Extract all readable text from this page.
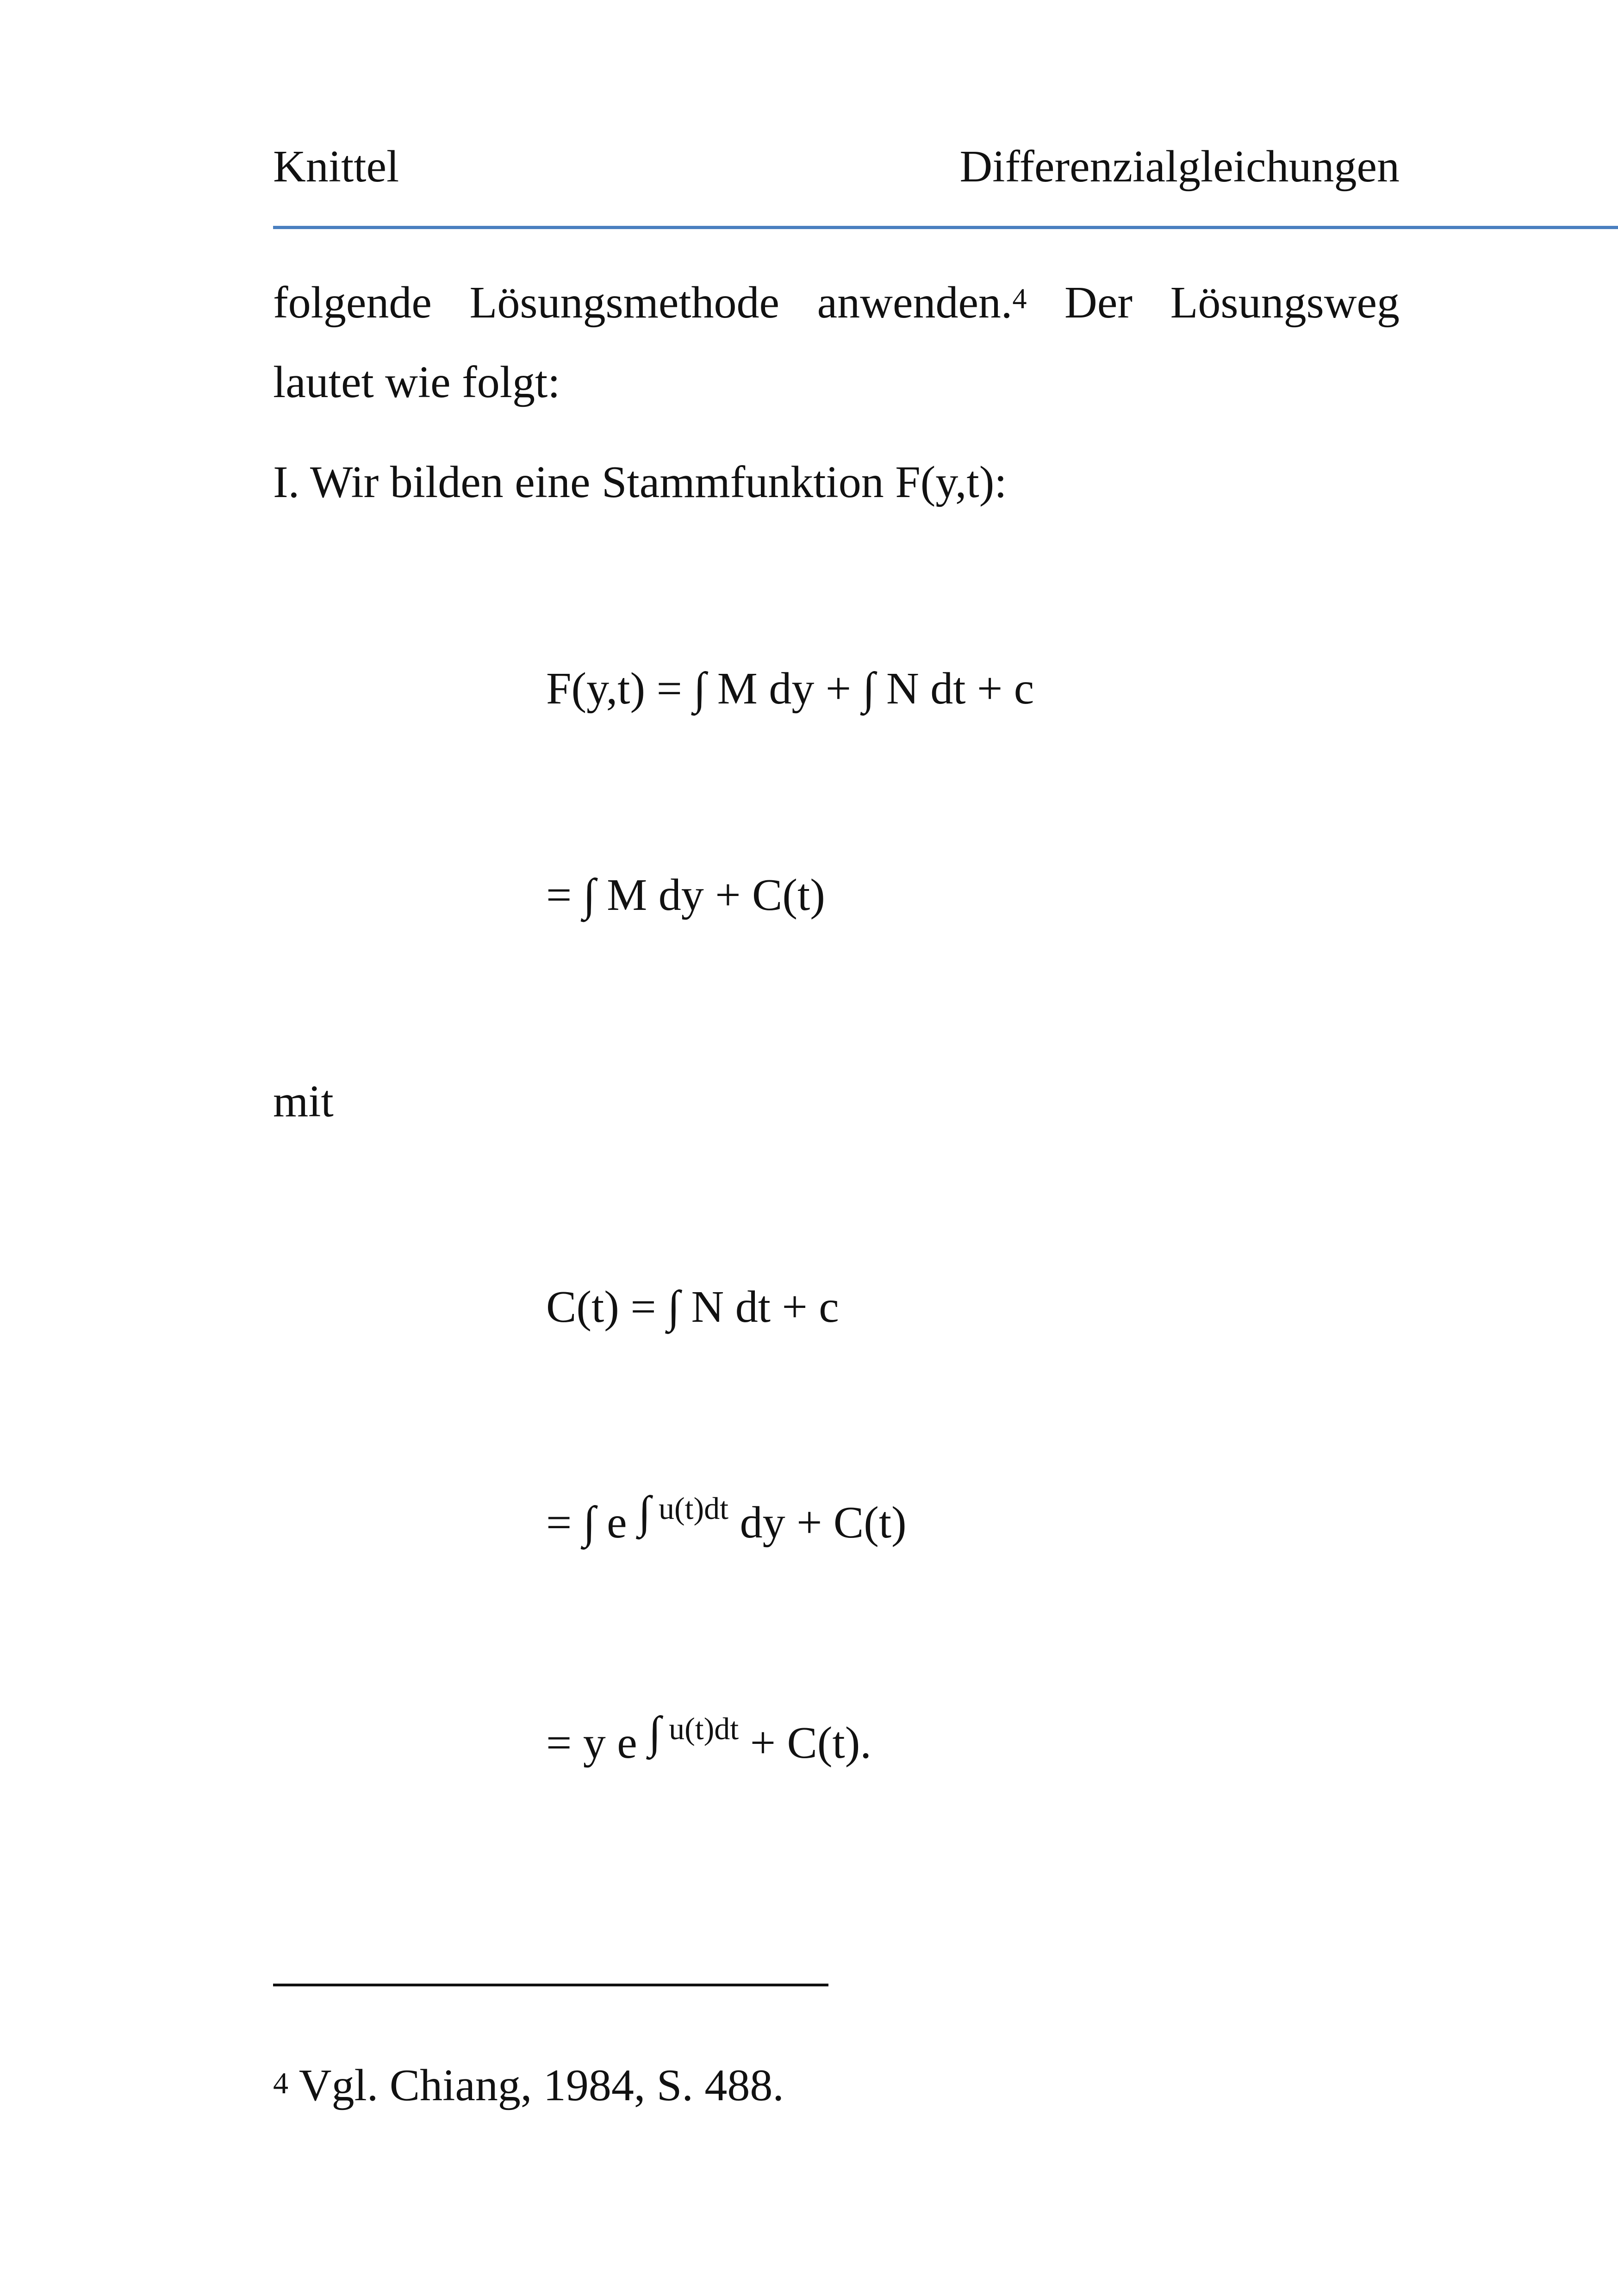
Knittel	Differenzialgleichungen
folgende Lösungsmethode anwenden.$^4$ Der Lösungsweg
lautet wie folgt:
I. Wir bilden eine Stammfunktion F(y,t):
F(y,t) = ∫ M dy + ∫ N dt + c
= ∫ M dy + C(t)
mit
C(t) = ∫ N dt + c
= ∫ e ∫ $^{u(t)dt}$ dy + C(t)
= y e ∫ $^{u(t)dt}$ + C(t).
$^4$ Vgl. Chiang, 1984, S. 488.
